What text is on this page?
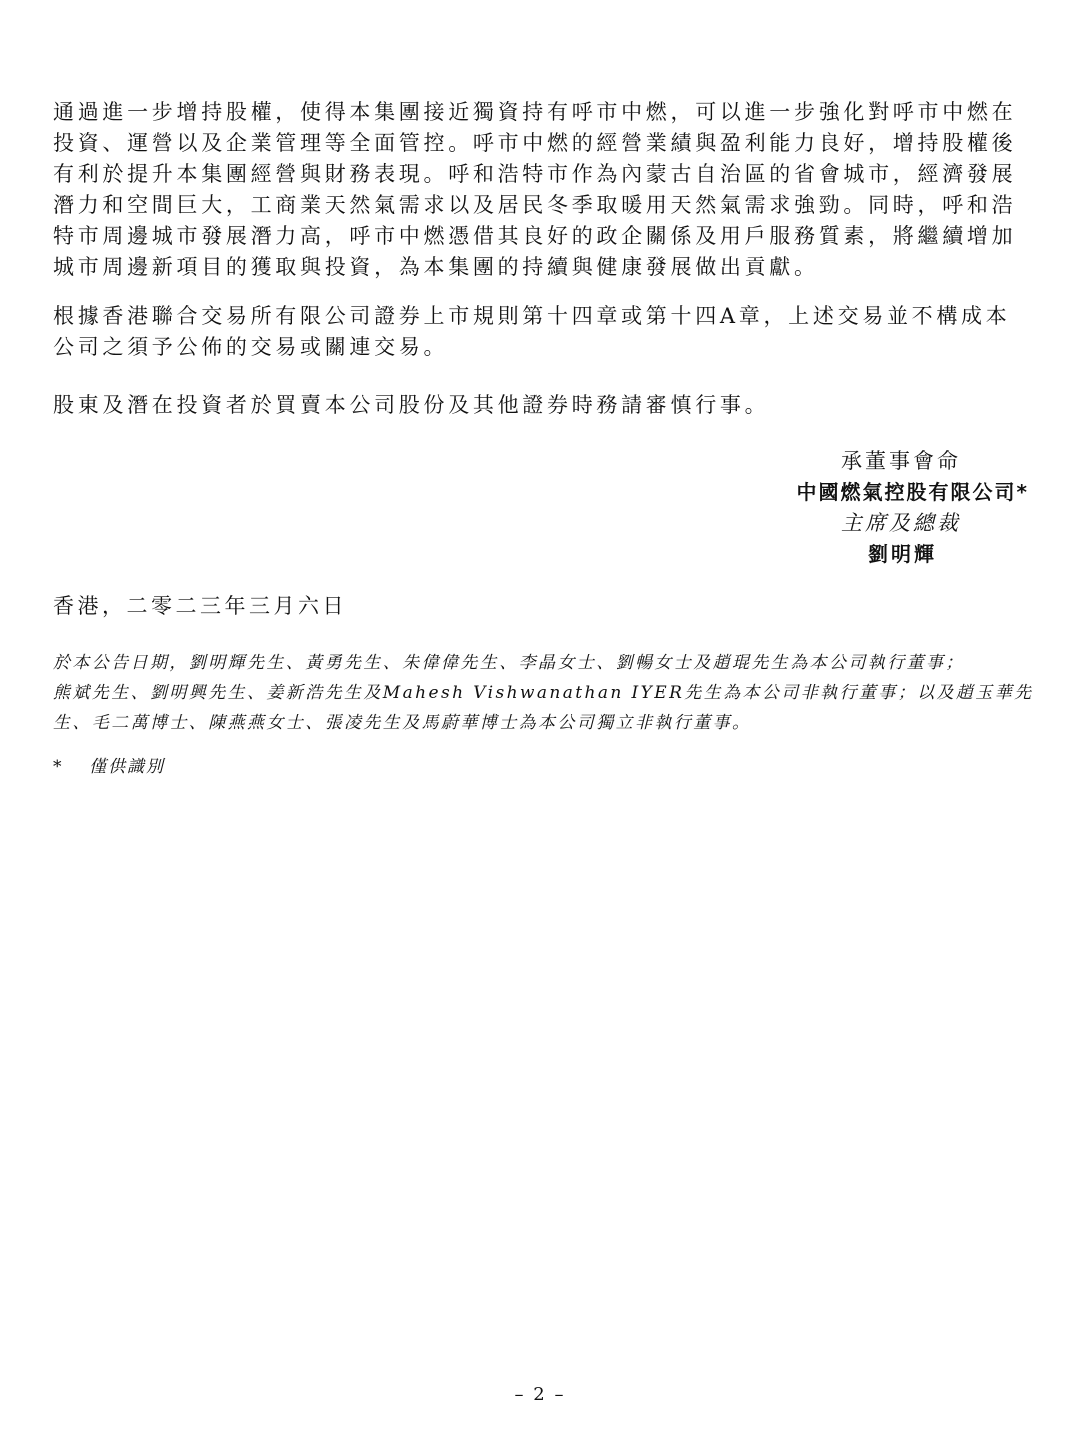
通過進一步增持股權，使得本集團接近獨資持有呼市中燃，可以進一步強化對呼市中燃在
投資、運營以及企業管理等全面管控。呼市中燃的經營業績與盈利能力良好，增持股權後
有利於提升本集團經營與財務表現。呼和浩特市作為內蒙古自治區的省會城市，經濟發展
潛力和空間巨大，工商業天然氣需求以及居民冬季取暖用天然氣需求強勁。同時，呼和浩
特市周邊城市發展潛力高，呼市中燃憑借其良好的政企關係及用戶服務質素，將繼續增加
城市周邊新項目的獲取與投資，為本集團的持續與健康發展做出貢獻。

根據香港聯合交易所有限公司證券上市規則第十四章或第十四A章，上述交易並不構成本
公司之須予公佈的交易或關連交易。

股東及潛在投資者於買賣本公司股份及其他證券時務請審慎行事。

承董事會命
中國燃氣控股有限公司*
主席及總裁
劉明輝
香港，二零二三年三月六日
於本公告日期，劉明輝先生、黃勇先生、朱偉偉先生、李晶女士、劉暢女士及趙琨先生為本公司執行董事；
熊斌先生、劉明興先生、姜新浩先生及Mahesh Vishwanathan IYER先生為本公司非執行董事；以及趙玉華先
生、毛二萬博士、陳燕燕女士、張凌先生及馬蔚華博士為本公司獨立非執行董事。
* 僅供識別
– 2 –
